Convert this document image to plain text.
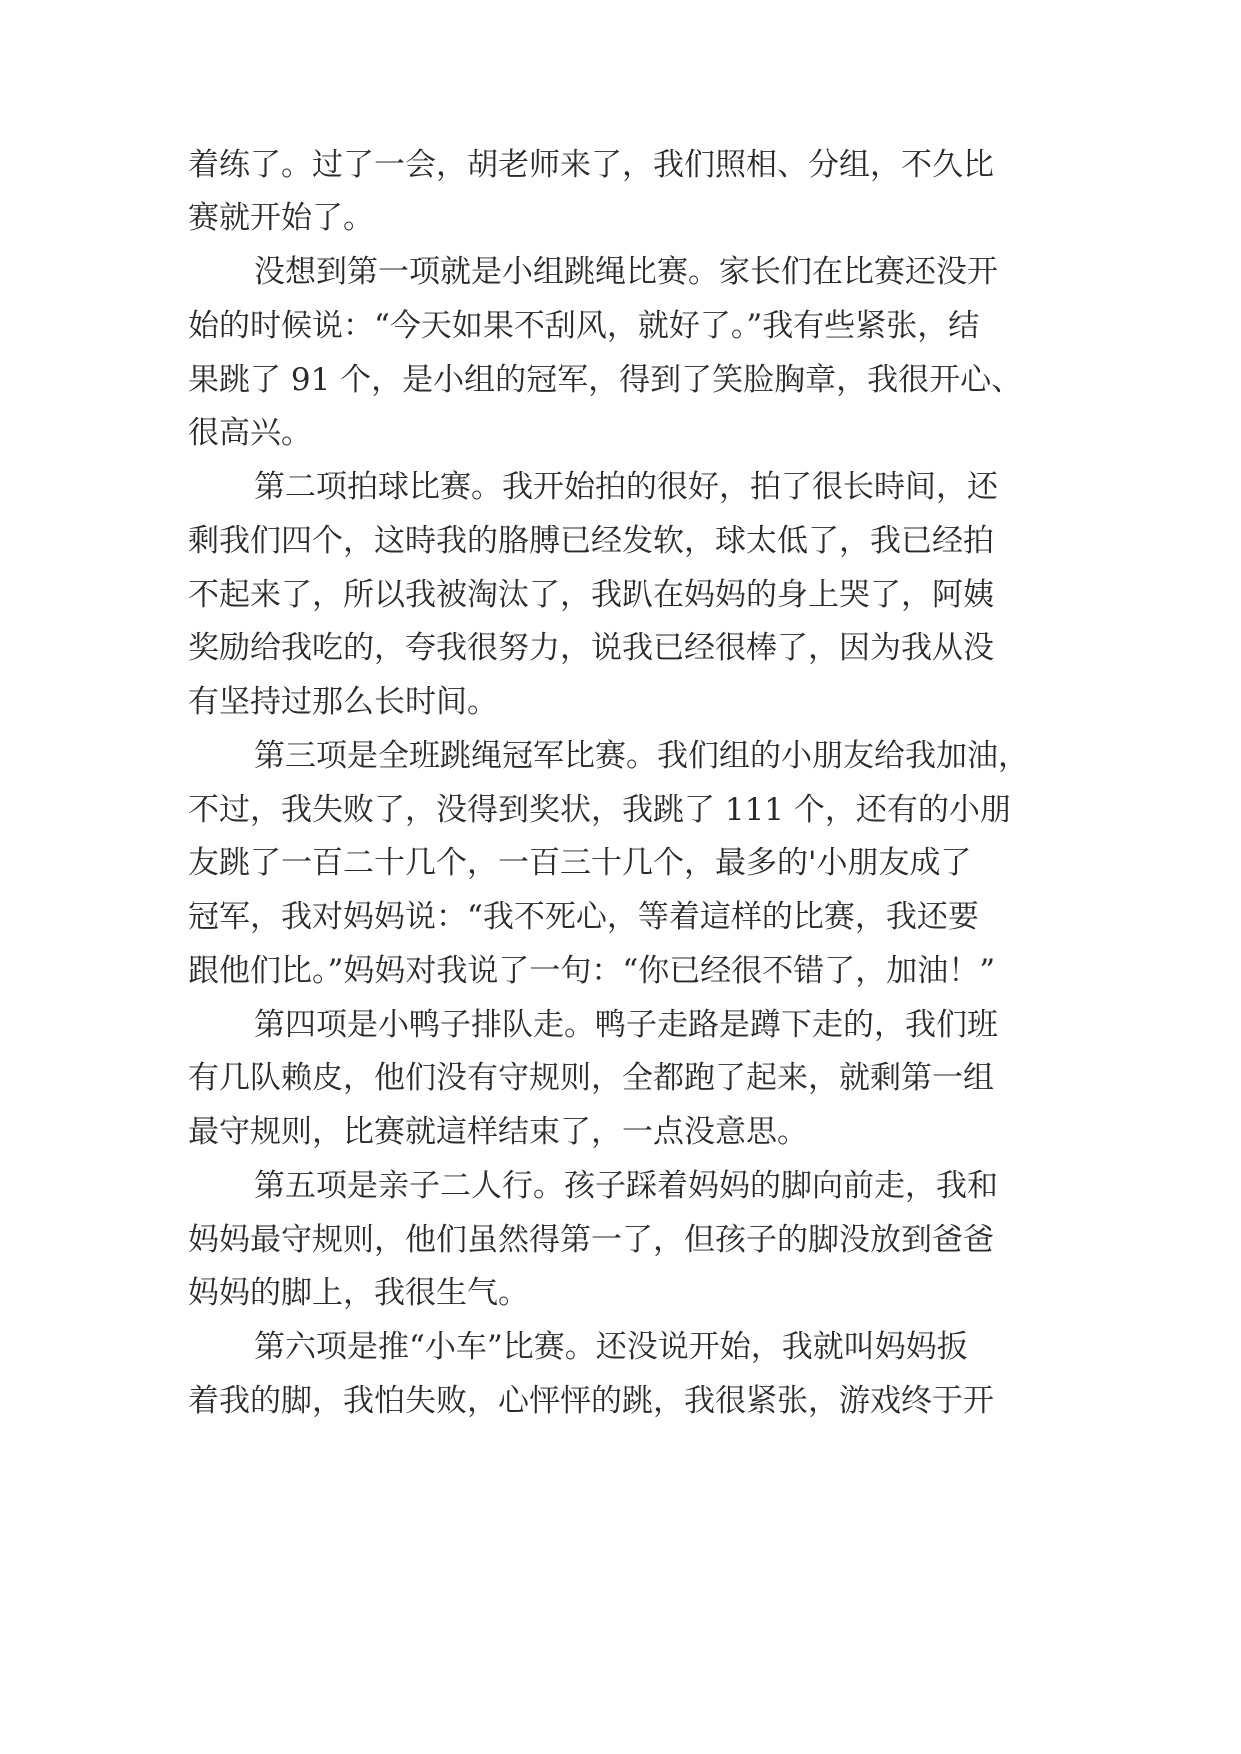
着练了。过了一会，胡老师来了，我们照相、分组，不久比
赛就开始了。
没想到第一项就是小组跳绳比赛。家长们在比赛还没开
始的时候说：“今天如果不刮风，就好了。”我有些紧张，结
果跳了 91 个，是小组的冠军，得到了笑脸胸章，我很开心、
很高兴。
第二项拍球比赛。我开始拍的很好，拍了很长時间，还
剩我们四个，这時我的胳膊已经发软，球太低了，我已经拍
不起来了，所以我被淘汰了，我趴在妈妈的身上哭了，阿姨
奖励给我吃的，夸我很努力，说我已经很棒了，因为我从没
有坚持过那么长时间。
第三项是全班跳绳冠军比赛。我们组的小朋友给我加油，
不过，我失败了，没得到奖状，我跳了 111 个，还有的小朋
友跳了一百二十几个，一百三十几个，最多的'小朋友成了
冠军，我对妈妈说：“我不死心，等着這样的比赛，我还要
跟他们比。”妈妈对我说了一句：“你已经很不错了，加油！”
第四项是小鸭子排队走。鸭子走路是蹲下走的，我们班
有几队赖皮，他们没有守规则，全都跑了起来，就剩第一组
最守规则，比赛就這样结束了，一点没意思。
第五项是亲子二人行。孩子踩着妈妈的脚向前走，我和
妈妈最守规则，他们虽然得第一了，但孩子的脚没放到爸爸
妈妈的脚上，我很生气。
第六项是推“小车”比赛。还没说开始，我就叫妈妈扳
着我的脚，我怕失败，心怦怦的跳，我很紧张，游戏终于开
